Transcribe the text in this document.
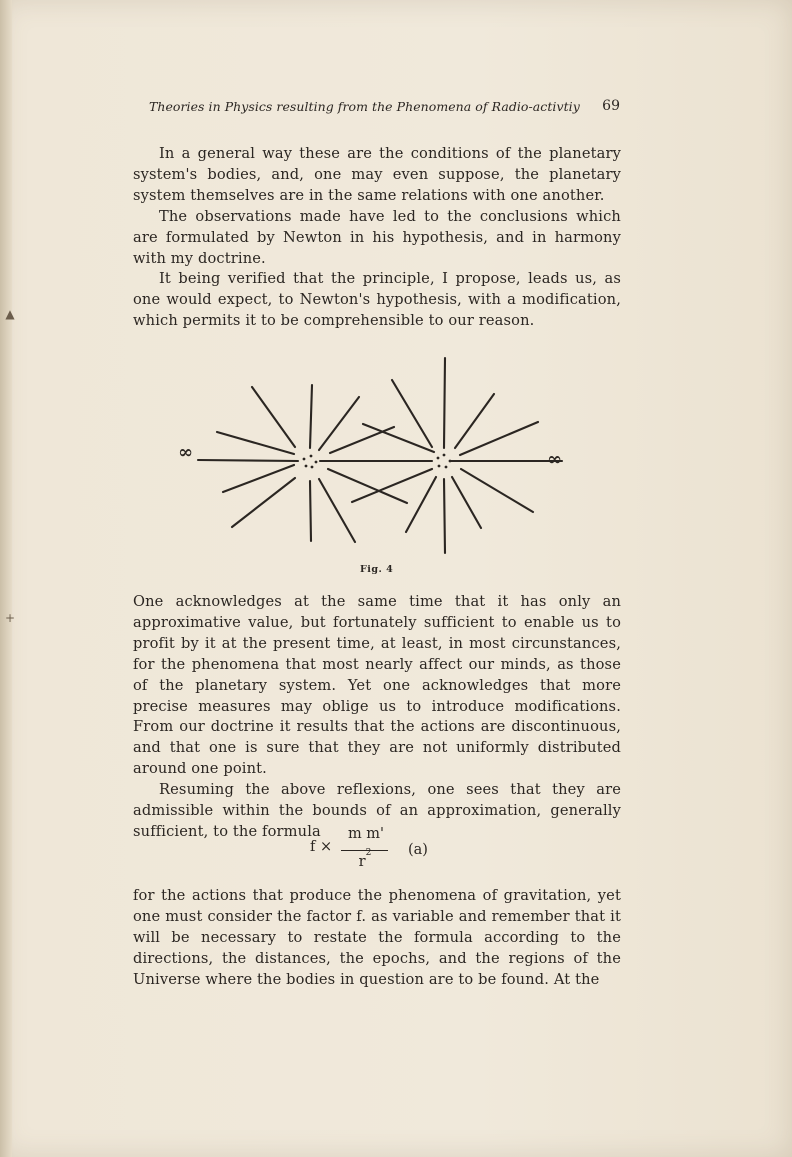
▲
+
Theories in Physics resulting from the Phenomena of Radio-activtiy 69

In a general way these are the conditions of the planetary system's bodies, and, one may even suppose, the planetary system themselves are in the same relations with one another.

The observations made have led to the conclusions which are formulated by Newton in his hypothesis, and in harmony with my doctrine.

It being verified that the principle, I propose, leads us, as one would expect, to Newton's hypothesis, with a modification, which permits it to be comprehensible to our reason.

∞	∞
Fig. 4

One acknowledges at the same time that it has only an approximative value, but fortunately sufficient to enable us to profit by it at the present time, at least, in most circunstances, for the phenomena that most nearly affect our minds, as those of the planetary system. Yet one acknowledges that more precise measures may oblige us to introduce modifications. From our doctrine it results that the actions are discontinuous, and that one is sure that they are not uniformly distributed around one point.

Resuming the above reflexions, one sees that they are admissible within the bounds of an approximation, generally sufficient, to the formula

f ×
m m'
$r^2$	(a)

for the actions that produce the phenomena of gravitation, yet one must consider the factor f. as variable and remember that it will be necessary to restate the formula according to the directions, the distances, the epochs, and the regions of the Universe where the bodies in question are to be found. At the
